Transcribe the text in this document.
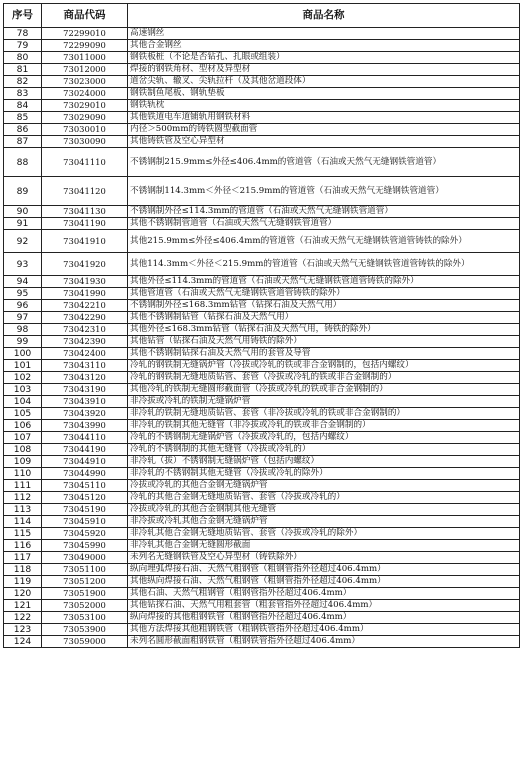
序号	商品代码	商品名称
78	72299010	高速钢丝
79	72299090	其他合金钢丝
80	73011000	钢铁板桩（不论是否钻孔、扎眼或组装）
81	73012000	焊接的钢铁角材、型材及异型材
82	73023000	道岔尖轨、辙叉、尖轨拉杆（及其他岔道段体）
83	73024000	钢铁制鱼尾板、钢轨垫板
84	73029010	钢铁轨枕
85	73029090	其他铁道电车道铺轨用钢铁材料
86	73030010	内径＞500mm的铸铁圆型截面管
87	73030090	其他铸铁管及空心异型材
88	73041110	不锈钢制215.9mm≤外径≤406.4mm的管道管（石油或天然气无缝钢铁管道管）
89	73041120	不锈钢制114.3mm＜外径＜215.9mm的管道管（石油或天然气无缝钢铁管道管）
90	73041130	不锈钢制外径≤114.3mm的管道管（石油或天然气无缝钢铁管道管）
91	73041190	其他不锈钢制管道管（石油或天然气无缝钢铁管道管）
92	73041910	其他215.9mm≤外径≤406.4mm的管道管（石油或天然气无缝钢铁管道管铸铁的除外）
93	73041920	其他114.3mm＜外径＜215.9mm的管道管（石油或天然气无缝钢铁管道管铸铁的除外）
94	73041930	其他外径≤114.3mm的管道管（石油或天然气无缝钢铁管道管铸铁的除外）
95	73041990	其他管道管（石油或天然气无缝钢铁管道管铸铁的除外）
96	73042210	不锈钢制外径≤168.3mm钻管（钻探石油及天然气用）
97	73042290	其他不锈钢制钻管（钻探石油及天然气用）
98	73042310	其他外径≤168.3mm钻管（钻探石油及天然气用，铸铁的除外）
99	73042390	其他钻管（钻探石油及天然气用铸铁的除外）
100	73042400	其他不锈钢制钻探石油及天然气用的套管及导管
101	73043110	冷轧的钢铁制无缝锅炉管（冷拔或冷轧的铁或非合金钢制的，包括内螺纹）
102	73043120	冷轧的钢铁制无缝地质钻管、套管（冷拔或冷轧的铁或非合金钢制的）
103	73043190	其他冷轧的铁制无缝圆形截面管（冷拔或冷轧的铁或非合金钢制的）
104	73043910	非冷拔或冷轧的铁制无缝锅炉管
105	73043920	非冷轧的铁制无缝地质钻管、套管（非冷拔或冷轧的铁或非合金钢制的）
106	73043990	非冷轧的铁制其他无缝管（非冷拔或冷轧的铁或非合金钢制的）
107	73044110	冷轧的不锈钢制无缝锅炉管（冷拔或冷轧的，包括内螺纹）
108	73044190	冷轧的不锈钢制的其他无缝管（冷拔或冷轧的）
109	73044910	非冷轧（拔）不锈钢制无缝锅炉管（包括内螺纹）
110	73044990	非冷轧的不锈钢制其他无缝管（冷拔或冷轧的除外）
111	73045110	冷拔或冷轧的其他合金钢无缝锅炉管
112	73045120	冷轧的其他合金钢无缝地质钻管、套管（冷拔或冷轧的）
113	73045190	冷拔或冷轧的其他合金钢制其他无缝管
114	73045910	非冷拔或冷轧其他合金钢无缝锅炉管
115	73045920	非冷轧其他合金钢无缝地质钻管、套管（冷拔或冷轧的除外）
116	73045990	非冷轧其他合金钢无缝圆形截面
117	73049000	未列名无缝钢铁管及空心异型材（铸铁除外）
118	73051100	纵向埋弧焊接石油、天然气粗钢管（粗钢管指外径超过406.4mm）
119	73051200	其他纵向焊接石油、天然气粗钢管（粗钢管指外径超过406.4mm）
120	73051900	其他石油、天然气粗钢管（粗钢管指外径超过406.4mm）
121	73052000	其他钻探石油、天然气用粗套管（粗套管指外径超过406.4mm）
122	73053100	纵向焊接的其他粗钢铁管（粗钢管指外径超过406.4mm）
123	73053900	其他方法焊接其他粗钢铁管（粗钢铁管指外径超过406.4mm）
124	73059000	未列名圆形截面粗钢铁管（粗钢铁管指外径超过406.4mm）
